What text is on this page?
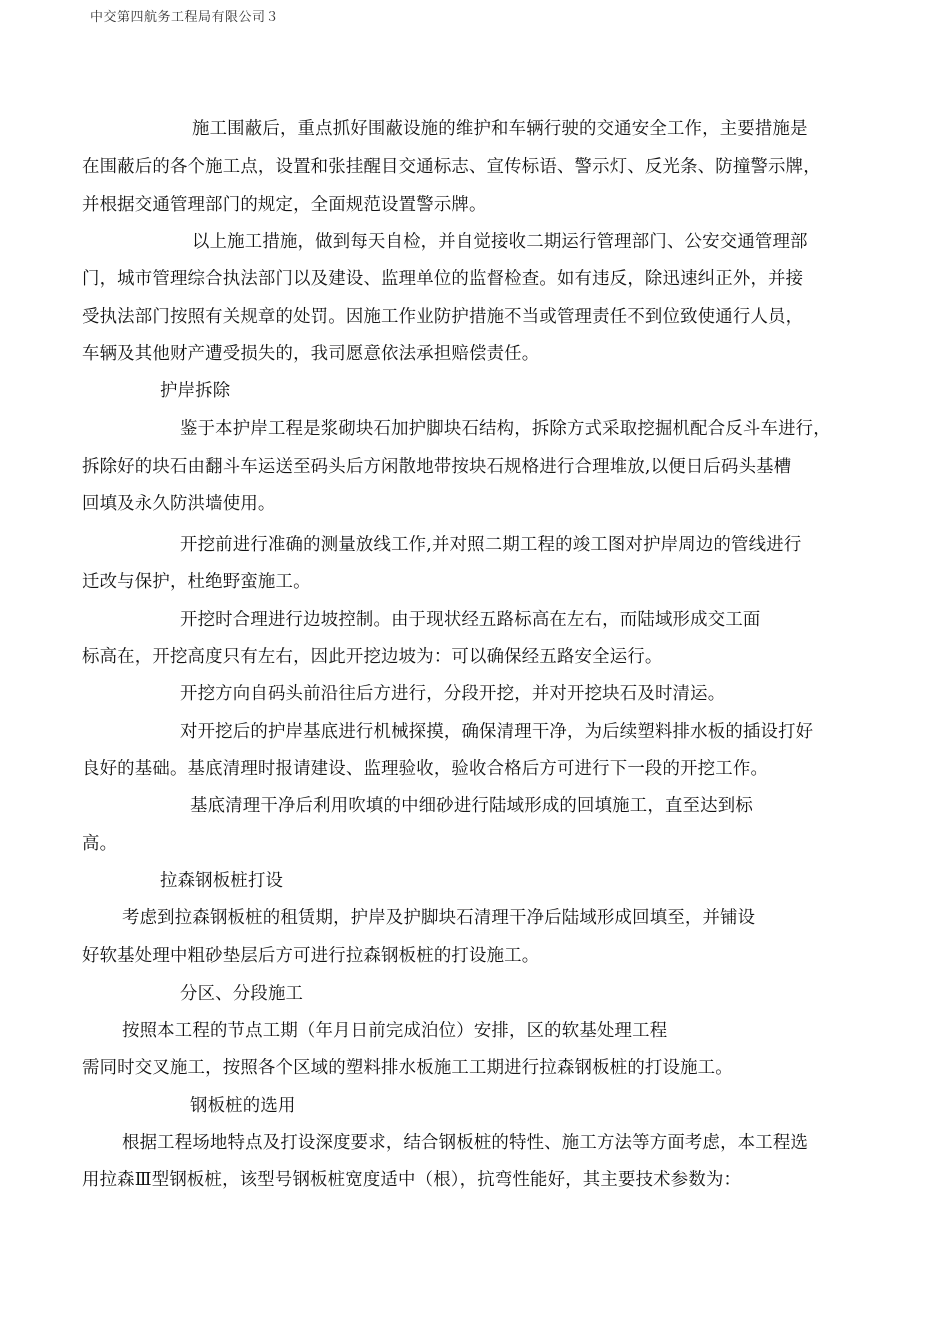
中交第四航务工程局有限公司３
施工围蔽后，重点抓好围蔽设施的维护和车辆行驶的交通安全工作，主要措施是
在围蔽后的各个施工点，设置和张挂醒目交通标志、宣传标语、警示灯、反光条、防撞警示牌，
并根据交通管理部门的规定，全面规范设置警示牌。
以上施工措施，做到每天自检，并自觉接收二期运行管理部门、公安交通管理部
门，城市管理综合执法部门以及建设、监理单位的监督检查。如有违反，除迅速纠正外，并接
受执法部门按照有关规章的处罚。因施工作业防护措施不当或管理责任不到位致使通行人员，
车辆及其他财产遭受损失的，我司愿意依法承担赔偿责任。
护岸拆除
鉴于本护岸工程是浆砌块石加护脚块石结构，拆除方式采取挖掘机配合反斗车进行，
拆除好的块石由翻斗车运送至码头后方闲散地带按块石规格进行合理堆放,以便日后码头基槽
回填及永久防洪墙使用。
开挖前进行准确的测量放线工作,并对照二期工程的竣工图对护岸周边的管线进行
迁改与保护，杜绝野蛮施工。
开挖时合理进行边坡控制。由于现状经五路标高在左右，而陆域形成交工面
标高在，开挖高度只有左右，因此开挖边坡为：可以确保经五路安全运行。
开挖方向自码头前沿往后方进行，分段开挖，并对开挖块石及时清运。
对开挖后的护岸基底进行机械探摸，确保清理干净，为后续塑料排水板的插设打好
良好的基础。基底清理时报请建设、监理验收，验收合格后方可进行下一段的开挖工作。
基底清理干净后利用吹填的中细砂进行陆域形成的回填施工，直至达到标
高。
拉森钢板桩打设
考虑到拉森钢板桩的租赁期，护岸及护脚块石清理干净后陆域形成回填至，并铺设
好软基处理中粗砂垫层后方可进行拉森钢板桩的打设施工。
分区、分段施工
按照本工程的节点工期（年月日前完成泊位）安排，区的软基处理工程
需同时交叉施工，按照各个区域的塑料排水板施工工期进行拉森钢板桩的打设施工。
钢板桩的选用
根据工程场地特点及打设深度要求，结合钢板桩的特性、施工方法等方面考虑，本工程选
用拉森Ⅲ型钢板桩，该型号钢板桩宽度适中（根），抗弯性能好，其主要技术参数为：
